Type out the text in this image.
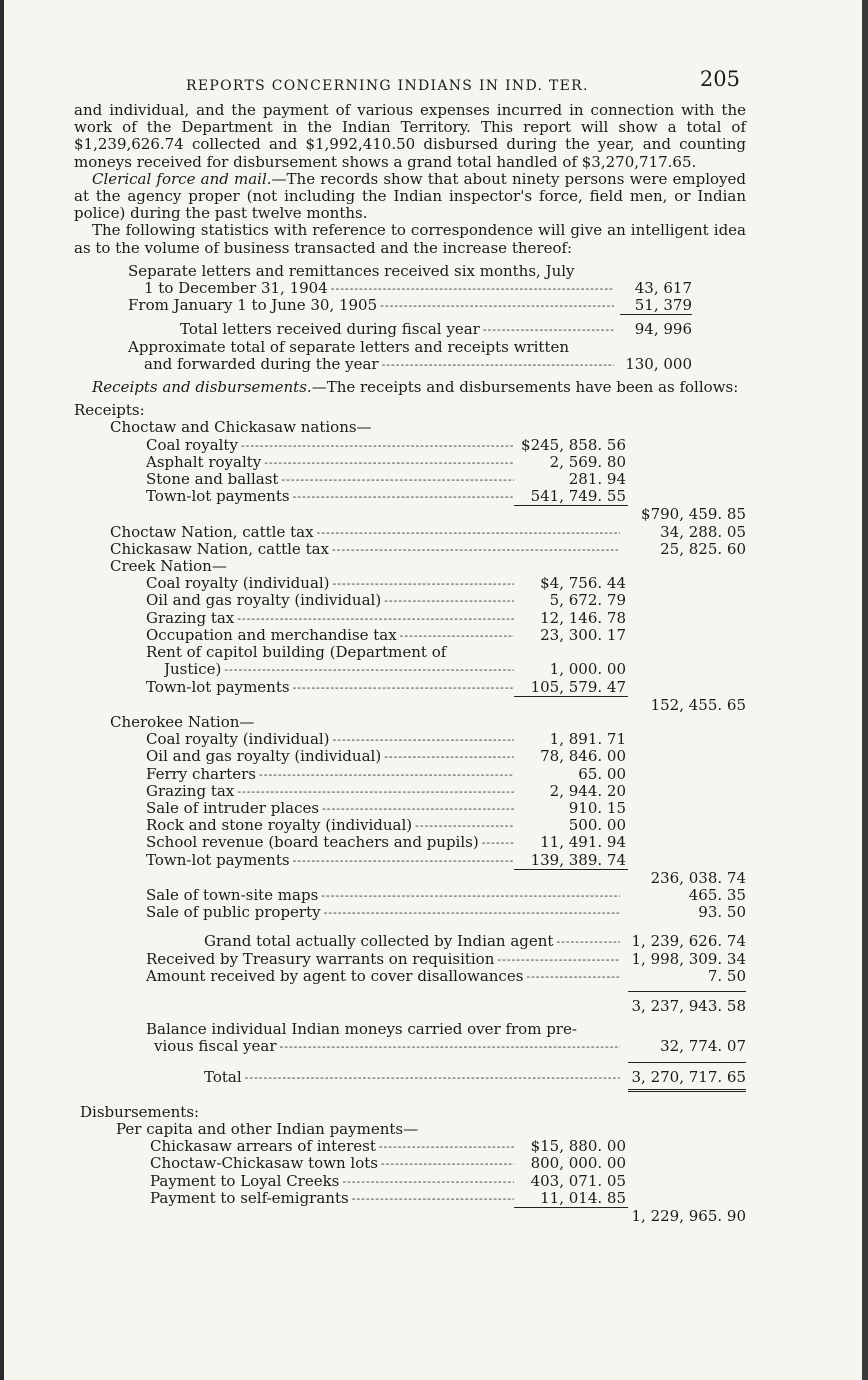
REPORTS CONCERNING INDIANS IN IND. TER.	205

and individual, and the payment of various expenses incurred in connection with the work of the Department in the Indian Territory. This report will show a total of $1,239,626.74 collected and $1,992,410.50 disbursed during the year, and counting moneys received for disbursement shows a grand total handled of $3,270,717.65.

Clerical force and mail.—The records show that about ninety persons were employed at the agency proper (not including the Indian inspector's force, field men, or Indian police) during the past twelve months.

The following statistics with reference to correspondence will give an intelligent idea as to the volume of business transacted and the increase thereof:

Separate letters and remittances received six months, July
1 to December 31, 1904 -----	43, 617
From January 1 to June 30, 1905 -----	51, 379
Total letters received during fiscal year -----	94, 996
Approximate total of separate letters and receipts written
and forwarded during the year -----	130, 000

Receipts and disbursements.—The receipts and disbursements have been as follows:

Receipts:
Choctaw and Chickasaw nations—
Coal royalty -----	$245, 858. 56
Asphalt royalty -----	2, 569. 80
Stone and ballast -----	281. 94
Town-lot payments -----	541, 749. 55
$790, 459. 85
Choctaw Nation, cattle tax -----	34, 288. 05
Chickasaw Nation, cattle tax -----	25, 825. 60
Creek Nation—
Coal royalty (individual) -----	$4, 756. 44
Oil and gas royalty (individual) -----	5, 672. 79
Grazing tax -----	12, 146. 78
Occupation and merchandise tax -----	23, 300. 17
Rent of capitol building (Department of
Justice) -----	1, 000. 00
Town-lot payments -----	105, 579. 47
152, 455. 65
Cherokee Nation—
Coal royalty (individual) -----	1, 891. 71
Oil and gas royalty (individual) -----	78, 846. 00
Ferry charters -----	65. 00
Grazing tax -----	2, 944. 20
Sale of intruder places -----	910. 15
Rock and stone royalty (individual) -----	500. 00
School revenue (board teachers and pupils) -----	11, 491. 94
Town-lot payments -----	139, 389. 74
236, 038. 74
Sale of town-site maps -----	465. 35
Sale of public property -----	93. 50
Grand total actually collected by Indian agent -----	1, 239, 626. 74
Received by Treasury warrants on requisition -----	1, 998, 309. 34
Amount received by agent to cover disallowances -----	7. 50
3, 237, 943. 58
Balance individual Indian moneys carried over from pre-
vious fiscal year -----	32, 774. 07
Total -----	3, 270, 717. 65
Disbursements:
Per capita and other Indian payments—
Chickasaw arrears of interest -----	$15, 880. 00
Choctaw-Chickasaw town lots -----	800, 000. 00
Payment to Loyal Creeks -----	403, 071. 05
Payment to self-emigrants -----	11, 014. 85
1, 229, 965. 90
